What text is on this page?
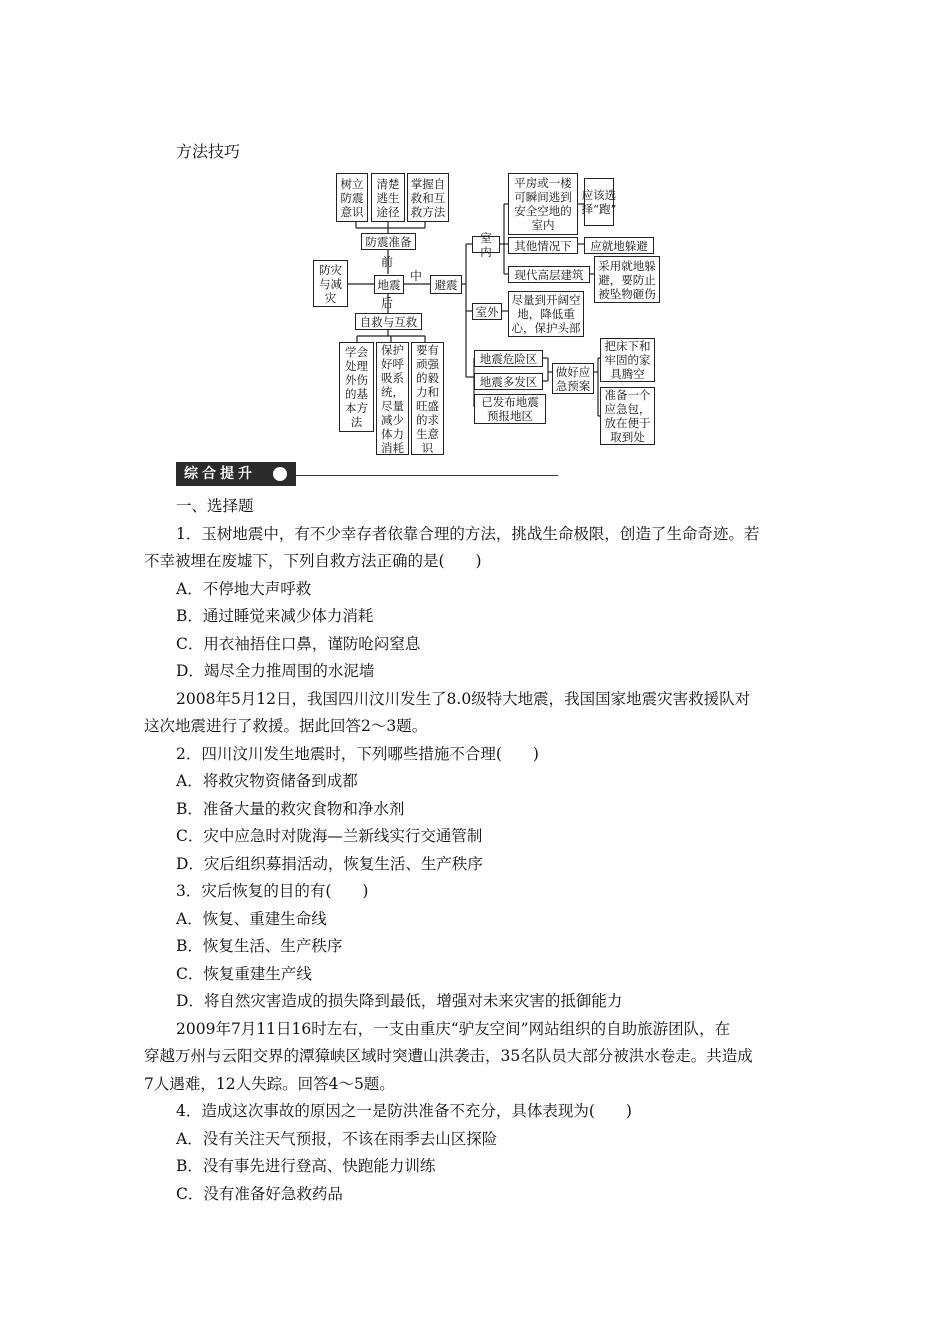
方法技巧
树立防震意识
清楚逃生途径
掌握自救和互救方法
防震准备
前
中
后
防灾与减灾
地震	避震
自救与互救
学会处理外伤的基本方法
保护好呼吸系统，尽量减少体力消耗
要有顽强的毅力和旺盛的求生意识
室内
室外
平房或一楼可瞬间逃到安全空地的室内
其他情况下
现代高层建筑
应该选择“跑”
应就地躲避
采用就地躲避，要防止被坠物砸伤
尽量到开阔空地，降低重心，保护头部
地震危险区
地震多发区
已发布地震预报地区
做好应急预案
把床下和牢固的家具腾空
准备一个应急包，放在便于取到处
综合提升
一、选择题
1．玉树地震中，有不少幸存者依靠合理的方法，挑战生命极限，创造了生命奇迹。若
不幸被埋在废墟下，下列自救方法正确的是(　　)
A．不停地大声呼救
B．通过睡觉来减少体力消耗
C．用衣袖捂住口鼻，谨防呛闷窒息
D．竭尽全力推周围的水泥墙
2008年5月12日，我国四川汶川发生了8.0级特大地震，我国国家地震灾害救援队对
这次地震进行了救援。据此回答2～3题。
2．四川汶川发生地震时，下列哪些措施不合理(　　)
A．将救灾物资储备到成都
B．准备大量的救灾食物和净水剂
C．灾中应急时对陇海—兰新线实行交通管制
D．灾后组织募捐活动，恢复生活、生产秩序
3．灾后恢复的目的有(　　)
A．恢复、重建生命线
B．恢复生活、生产秩序
C．恢复重建生产线
D．将自然灾害造成的损失降到最低，增强对未来灾害的抵御能力
2009年7月11日16时左右，一支由重庆“驴友空间”网站组织的自助旅游团队，在
穿越万州与云阳交界的潭獐峡区域时突遭山洪袭击，35名队员大部分被洪水卷走。共造成
7人遇难，12人失踪。回答4～5题。
4．造成这次事故的原因之一是防洪准备不充分，具体表现为(　　)
A．没有关注天气预报，不该在雨季去山区探险
B．没有事先进行登高、快跑能力训练
C．没有准备好急救药品
